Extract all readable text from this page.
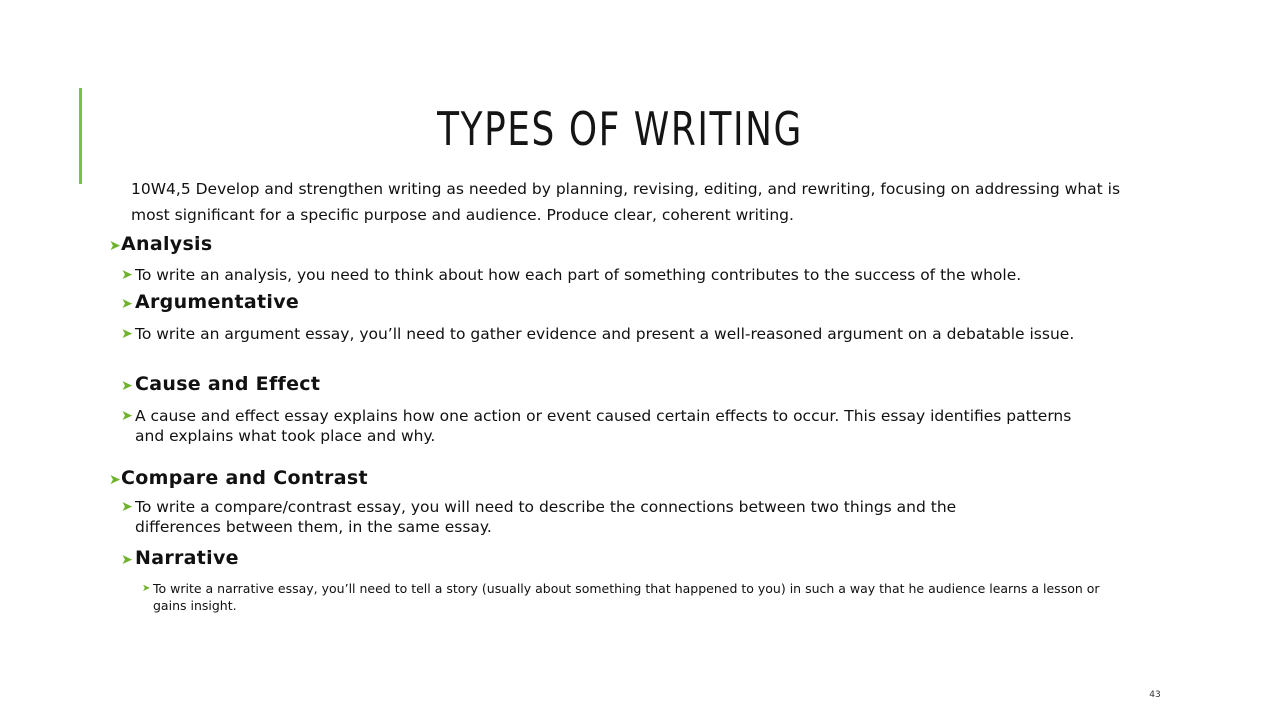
TYPES OF WRITING
10W4,5 Develop and strengthen writing as needed by planning, revising, editing, and rewriting, focusing on addressing what is most significant for a specific purpose and audience. Produce clear, coherent writing.
➤ Analysis
➤ To write an analysis, you need to think about how each part of something contributes to the success of the whole.
➤ Argumentative
➤ To write an argument essay, you’ll need to gather evidence and present a well-reasoned argument on a debatable issue.
➤ Cause and Effect
➤ A cause and effect essay explains how one action or event caused certain effects to occur. This essay identifies patterns and explains what took place and why.
➤ Compare and Contrast
➤ To write a compare/contrast essay, you will need to describe the connections between two things and the differences between them, in the same essay.
➤ Narrative
➤ To write a narrative essay, you’ll need to tell a story (usually about something that happened to you) in such a way that he audience learns a lesson or gains insight.
43
